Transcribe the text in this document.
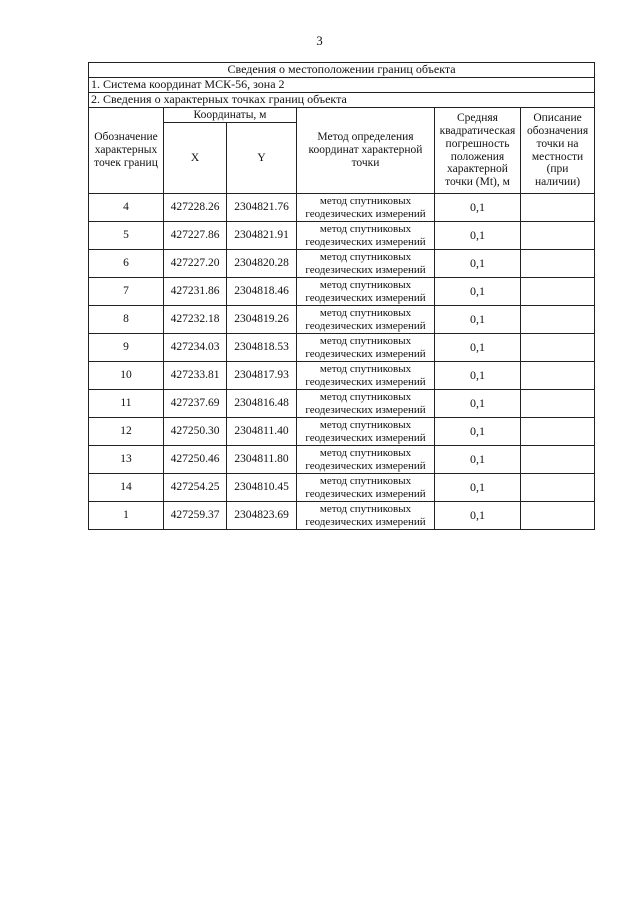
3
Сведения о местоположении границ объекта					
1. Система координат МСК-56, зона 2					
2. Сведения о характерных точках границ объекта					
Обозначение характерных точек границ	Координаты, м		Метод определения координат характерной точки	Средняя квадратическая погрешность положения характерной точки (Mt), м	Описание обозначения точки на местности (при наличии)
	X	Y			
4	427228.26	2304821.76	метод спутниковых геодезических измерений	0,1	
5	427227.86	2304821.91	метод спутниковых геодезических измерений	0,1	
6	427227.20	2304820.28	метод спутниковых геодезических измерений	0,1	
7	427231.86	2304818.46	метод спутниковых геодезических измерений	0,1	
8	427232.18	2304819.26	метод спутниковых геодезических измерений	0,1	
9	427234.03	2304818.53	метод спутниковых геодезических измерений	0,1	
10	427233.81	2304817.93	метод спутниковых геодезических измерений	0,1	
11	427237.69	2304816.48	метод спутниковых геодезических измерений	0,1	
12	427250.30	2304811.40	метод спутниковых геодезических измерений	0,1	
13	427250.46	2304811.80	метод спутниковых геодезических измерений	0,1	
14	427254.25	2304810.45	метод спутниковых геодезических измерений	0,1	
1	427259.37	2304823.69	метод спутниковых геодезических измерений	0,1	
